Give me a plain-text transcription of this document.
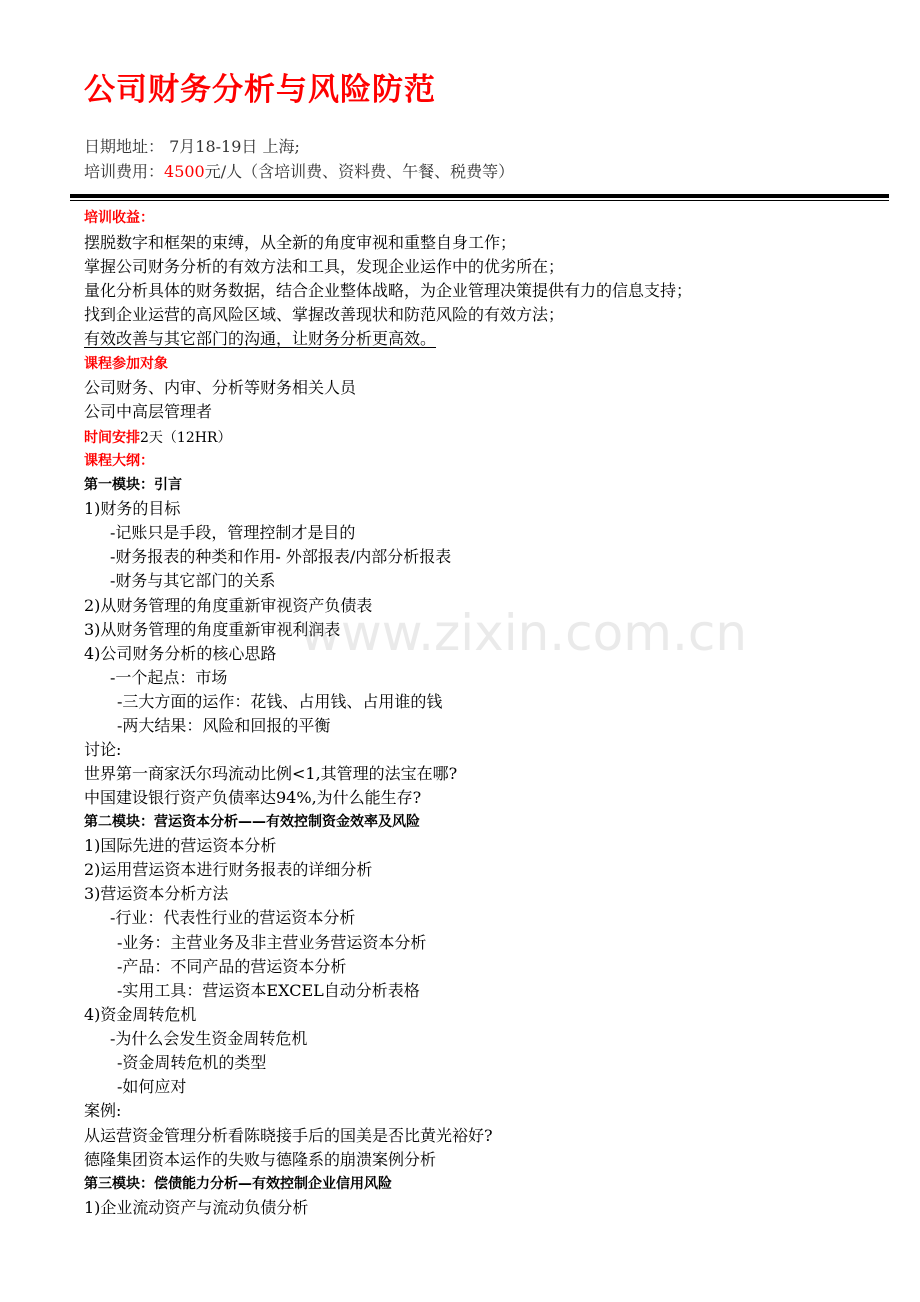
公司财务分析与风险防范
日期地址： 7月18-19日 上海;
培训费用：4500元/人（含培训费、资料费、午餐、税费等）
培训收益：
摆脱数字和框架的束缚，从全新的角度审视和重整自身工作；
掌握公司财务分析的有效方法和工具，发现企业运作中的优劣所在；
量化分析具体的财务数据，结合企业整体战略，为企业管理决策提供有力的信息支持；
找到企业运营的高风险区域、掌握改善现状和防范风险的有效方法；
有效改善与其它部门的沟通，让财务分析更高效。
课程参加对象
公司财务、内审、分析等财务相关人员
公司中高层管理者
时间安排2天（12HR）
课程大纲：
第一模块：引言
1)财务的目标
-记账只是手段，管理控制才是目的
-财务报表的种类和作用- 外部报表/内部分析报表
-财务与其它部门的关系
2)从财务管理的角度重新审视资产负债表
3)从财务管理的角度重新审视利润表
4)公司财务分析的核心思路
-一个起点：市场
-三大方面的运作：花钱、占用钱、占用谁的钱
-两大结果：风险和回报的平衡
讨论:
世界第一商家沃尔玛流动比例<1,其管理的法宝在哪?
中国建设银行资产负债率达94%,为什么能生存?
第二模块：营运资本分析——有效控制资金效率及风险
1)国际先进的营运资本分析
2)运用营运资本进行财务报表的详细分析
3)营运资本分析方法
-行业：代表性行业的营运资本分析
-业务：主营业务及非主营业务营运资本分析
-产品：不同产品的营运资本分析
-实用工具：营运资本EXCEL自动分析表格
4)资金周转危机
-为什么会发生资金周转危机
-资金周转危机的类型
-如何应对
案例:
从运营资金管理分析看陈晓接手后的国美是否比黄光裕好?
德隆集团资本运作的失败与德隆系的崩溃案例分析
第三模块：偿债能力分析—有效控制企业信用风险
1)企业流动资产与流动负债分析
www.zixin.com.cn
